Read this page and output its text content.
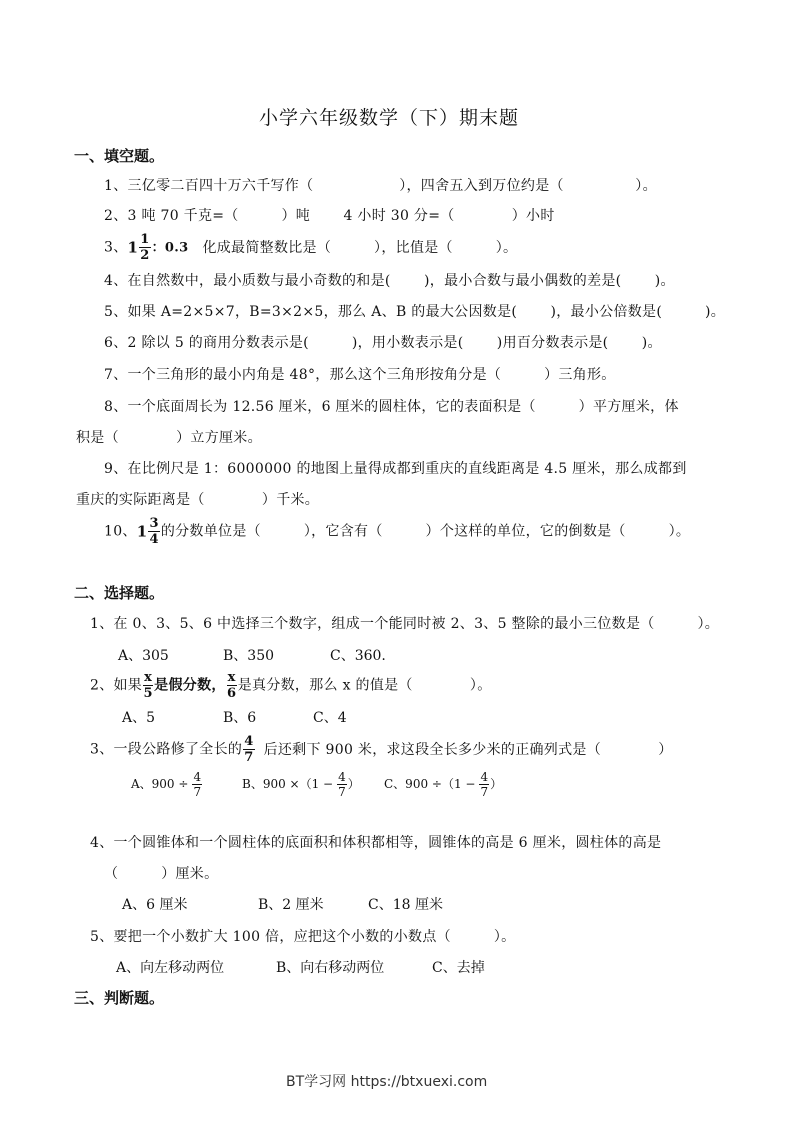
小学六年级数学（下）期末题
一、填空题。
1、三亿零二百四十万六千写作（　　　　　　），四舍五入到万位约是（　　　　　）。
2、3 吨 70 千克=（　　　）吨　　 4 小时 30 分=（　　　　）小时
3、$1 \frac{1}{2}$ ：0.3 化成最简整数比是（　　　），比值是（　　　）。
4、在自然数中，最小质数与最小奇数的和是(　　 )，最小合数与最小偶数的差是(　　 )。
5、如果 A=2×5×7，B=3×2×5，那么 A、B 的最大公因数是(　　 )，最小公倍数是(　　　)。
6、2 除以 5 的商用分数表示是(　　　)，用小数表示是(　　 )用百分数表示是(　　 )。
7、一个三角形的最小内角是 48°，那么这个三角形按角分是（　　　）三角形。
8、一个底面周长为 12.56 厘米，6 厘米的圆柱体，它的表面积是（　　　）平方厘米，体
积是（　　　　）立方厘米。
9、在比例尺是 1：6000000 的地图上量得成都到重庆的直线距离是 4.5 厘米，那么成都到
重庆的实际距离是（　　　　）千米。
10、$1 \frac{3}{4}$ 的分数单位是（　　　），它含有（　　　）个这样的单位，它的倒数是（　　　）。
二、选择题。
1、在 0、3、5、6 中选择三个数字，组成一个能同时被 2、3、5 整除的最小三位数是（　　　）。
A、305	B、350	C、360.
2、如果 $\frac{x}{5}$ 是假分数， $\frac{x}{6}$ 是真分数，那么 x 的值是（　　　　）。
A、5	B、6	C、4
3、一段公路修了全长的 $\frac{4}{7}$ 后还剩下 900 米，求这段全长多少米的正确列式是（　　　　）
A、$900 \div \frac{4}{7}$	B、$900 \times(1 - \frac{4}{7}$ ） C、$900 \div(1 - \frac{4}{7}$ ）
4、一个圆锥体和一个圆柱体的底面积和体积都相等，圆锥体的高是 6 厘米，圆柱体的高是
（　　　）厘米。
A、6 厘米	B、2 厘米	C、18 厘米
5、要把一个小数扩大 100 倍，应把这个小数的小数点（　　　）。
A、向左移动两位	B、向右移动两位	C、去掉
三、判断题。
BT学习网 https://btxuexi.com
